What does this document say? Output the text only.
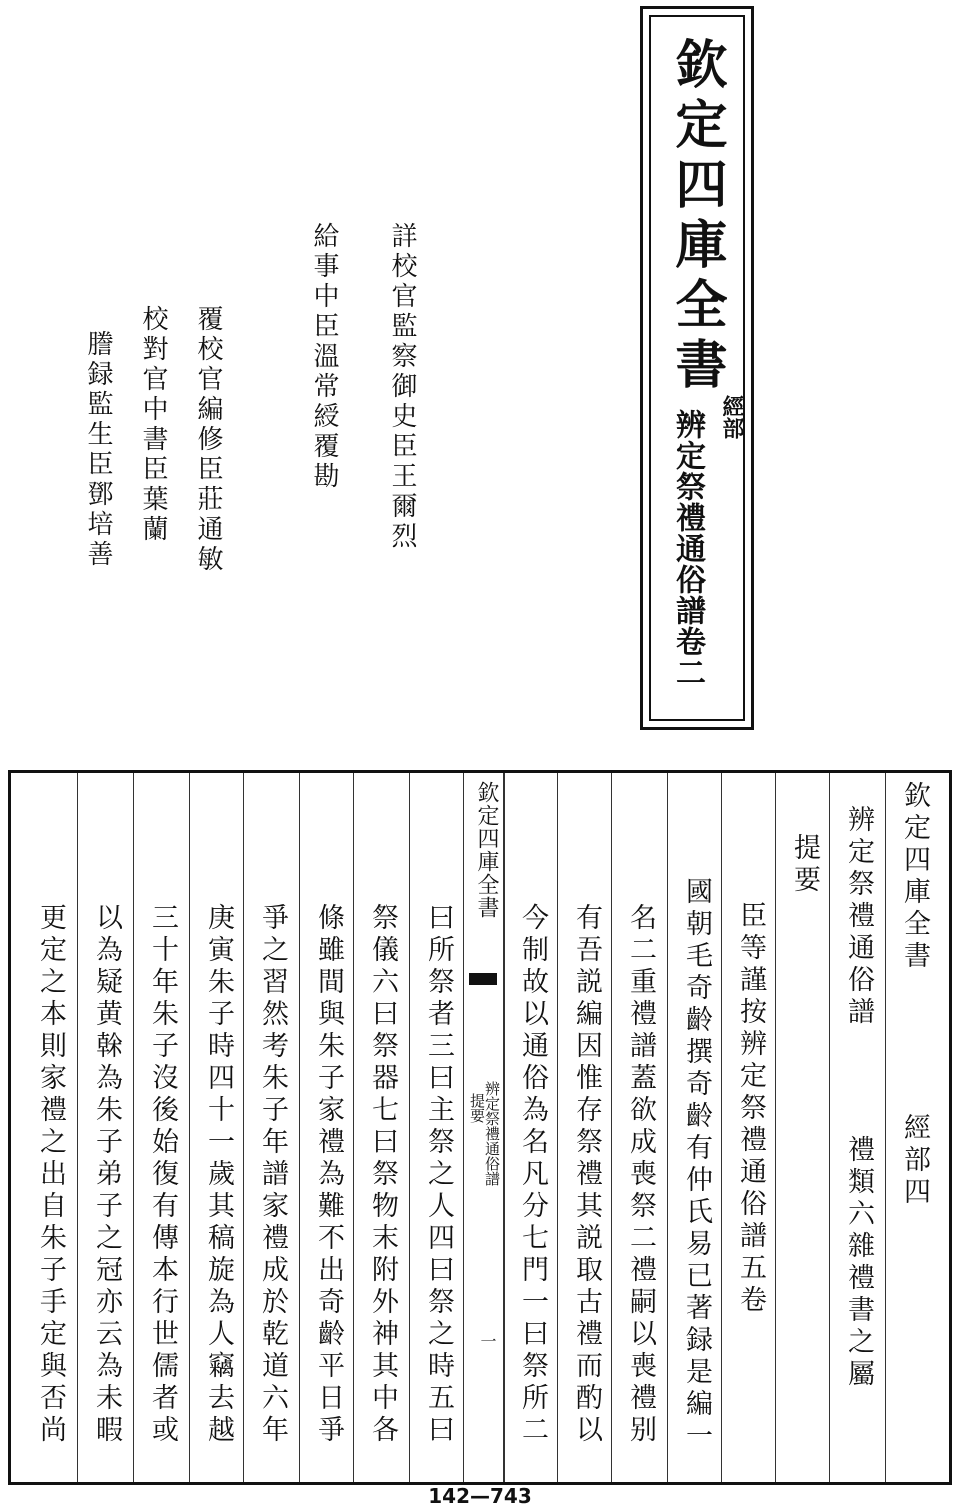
欽定四庫全書
經部
辨定祭禮通俗譜卷二
詳校官監察御史臣王爾烈
給事中臣溫常綬覆勘
覆校官編修臣莊通敏
校對官中書臣葉蘭
謄録監生臣鄧培善
欽定四庫全書
經部四
辨定祭禮通俗譜
禮類六雜禮書之屬
提要
臣等謹按辨定祭禮通俗譜五卷
國朝毛奇齡撰奇齡有仲氏易已著録是編一
名二重禮譜蓋欲成喪祭二禮嗣以喪禮别
有吾説編因惟存祭禮其説取古禮而酌以
今制故以通俗為名凡分七門一曰祭所二
欽定四庫全書
辨定祭禮通俗譜
提要
一
曰所祭者三曰主祭之人四曰祭之時五曰
祭儀六曰祭器七曰祭物末附外神其中各
條雖間與朱子家禮為難不出奇齡平日爭
爭之習然考朱子年譜家禮成於乾道六年
庚寅朱子時四十一歲其稿旋為人竊去越
三十年朱子沒後始復有傳本行世儒者或
以為疑黄榦為朱子弟子之冠亦云為未暇
更定之本則家禮之出自朱子手定與否尚
142—743
